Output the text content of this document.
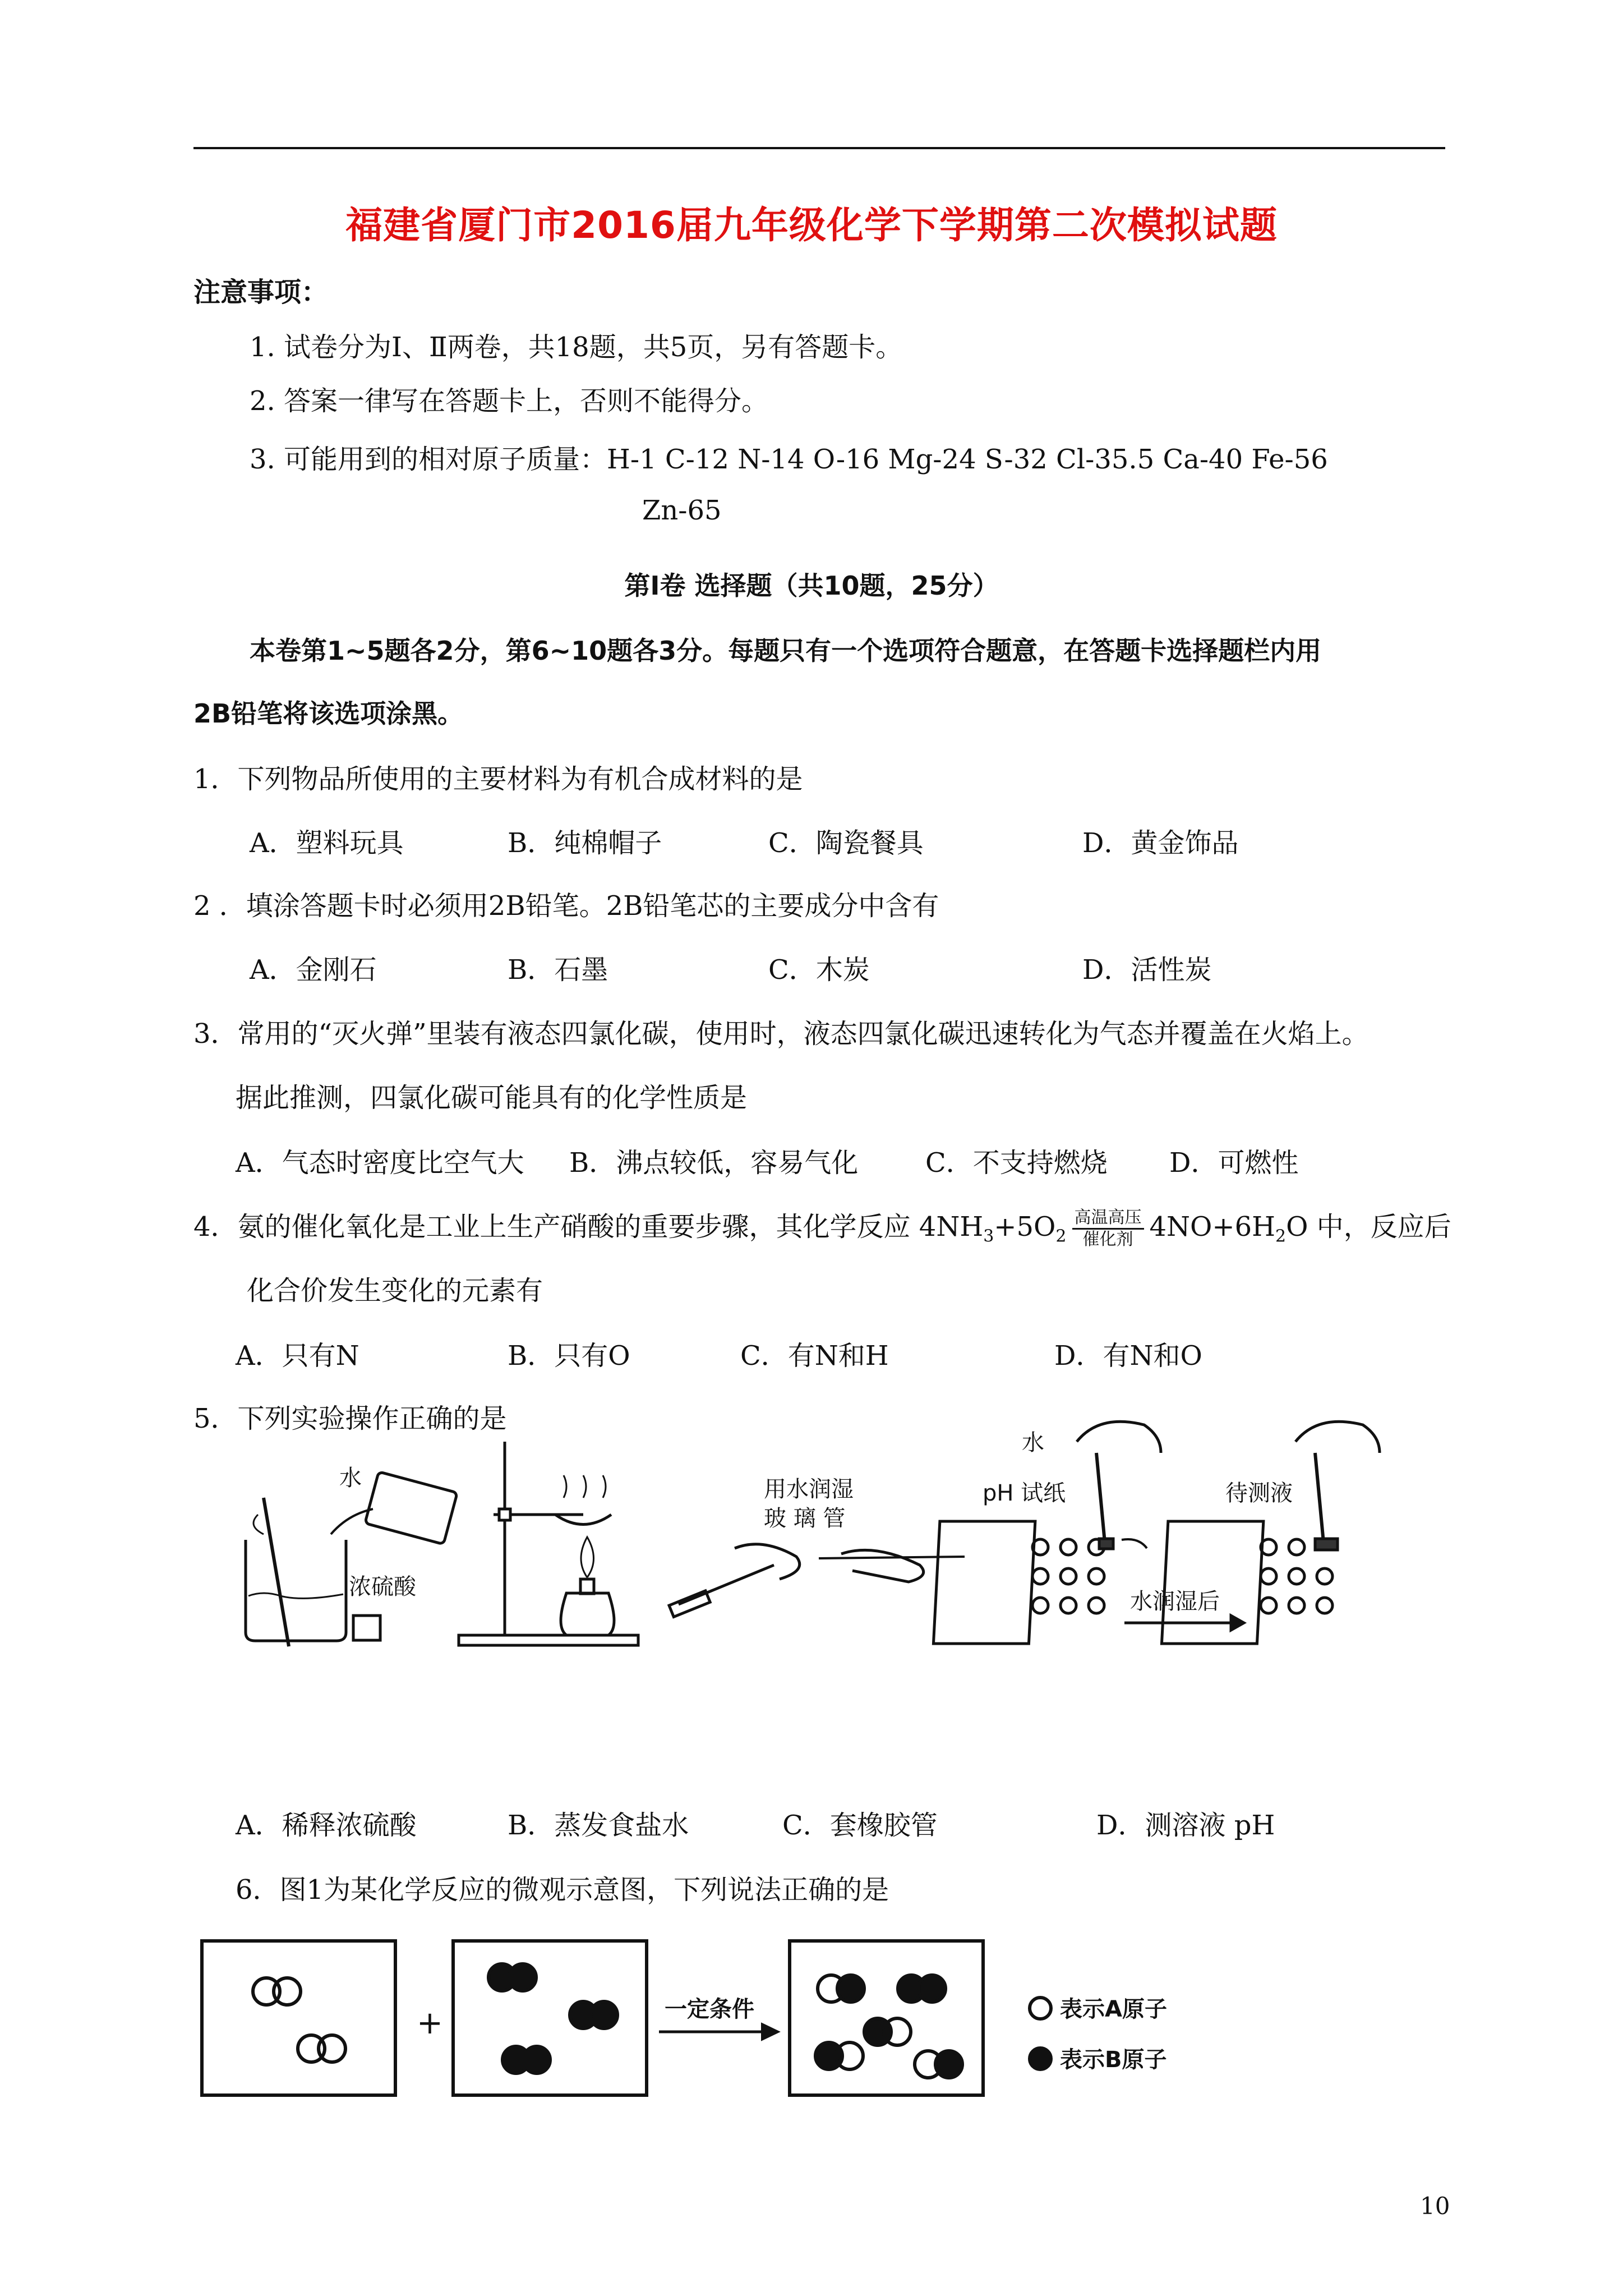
福建省厦门市2016届九年级化学下学期第二次模拟试题
注意事项：
1. 试卷分为Ⅰ、Ⅱ两卷，共18题，共5页，另有答题卡。
2. 答案一律写在答题卡上，否则不能得分。
3. 可能用到的相对原子质量：H-1 C-12 N-14 O-16 Mg-24 S-32 Cl-35.5 Ca-40 Fe-56
Zn-65
第Ⅰ卷 选择题（共10题，25分）
本卷第1~5题各2分，第6~10题各3分。每题只有一个选项符合题意，在答题卡选择题栏内用
2B铅笔将该选项涂黑。
1．下列物品所使用的主要材料为有机合成材料的是
A．塑料玩具	B．纯棉帽子	C．陶瓷餐具	D．黄金饰品
2 ．填涂答题卡时必须用2B铅笔。2B铅笔芯的主要成分中含有
A．金刚石	B．石墨	C．木炭	D．活性炭
3．常用的“灭火弹”里装有液态四氯化碳，使用时，液态四氯化碳迅速转化为气态并覆盖在火焰上。
据此推测，四氯化碳可能具有的化学性质是
A．气态时密度比空气大 B．沸点较低，容易气化 C．不支持燃烧 D．可燃性
4．氨的催化氧化是工业上生产硝酸的重要步骤，其化学反应 $4NH_3+5O_2$
高温高压
催化剂 $4NO+6H_2O$ 中，反应后
化合价发生变化的元素有
A．只有N	B．只有O	C．有N和H	D．有N和O
5．下列实验操作正确的是
水
浓硫酸
用水润湿
玻 璃 管
水
pH 试纸	待测液
水润湿后
+	一定条件	表示A原子
表示B原子
A．稀释浓硫酸	B．蒸发食盐水	C．套橡胶管	D．测溶液 pH
6．图1为某化学反应的微观示意图，下列说法正确的是
10
